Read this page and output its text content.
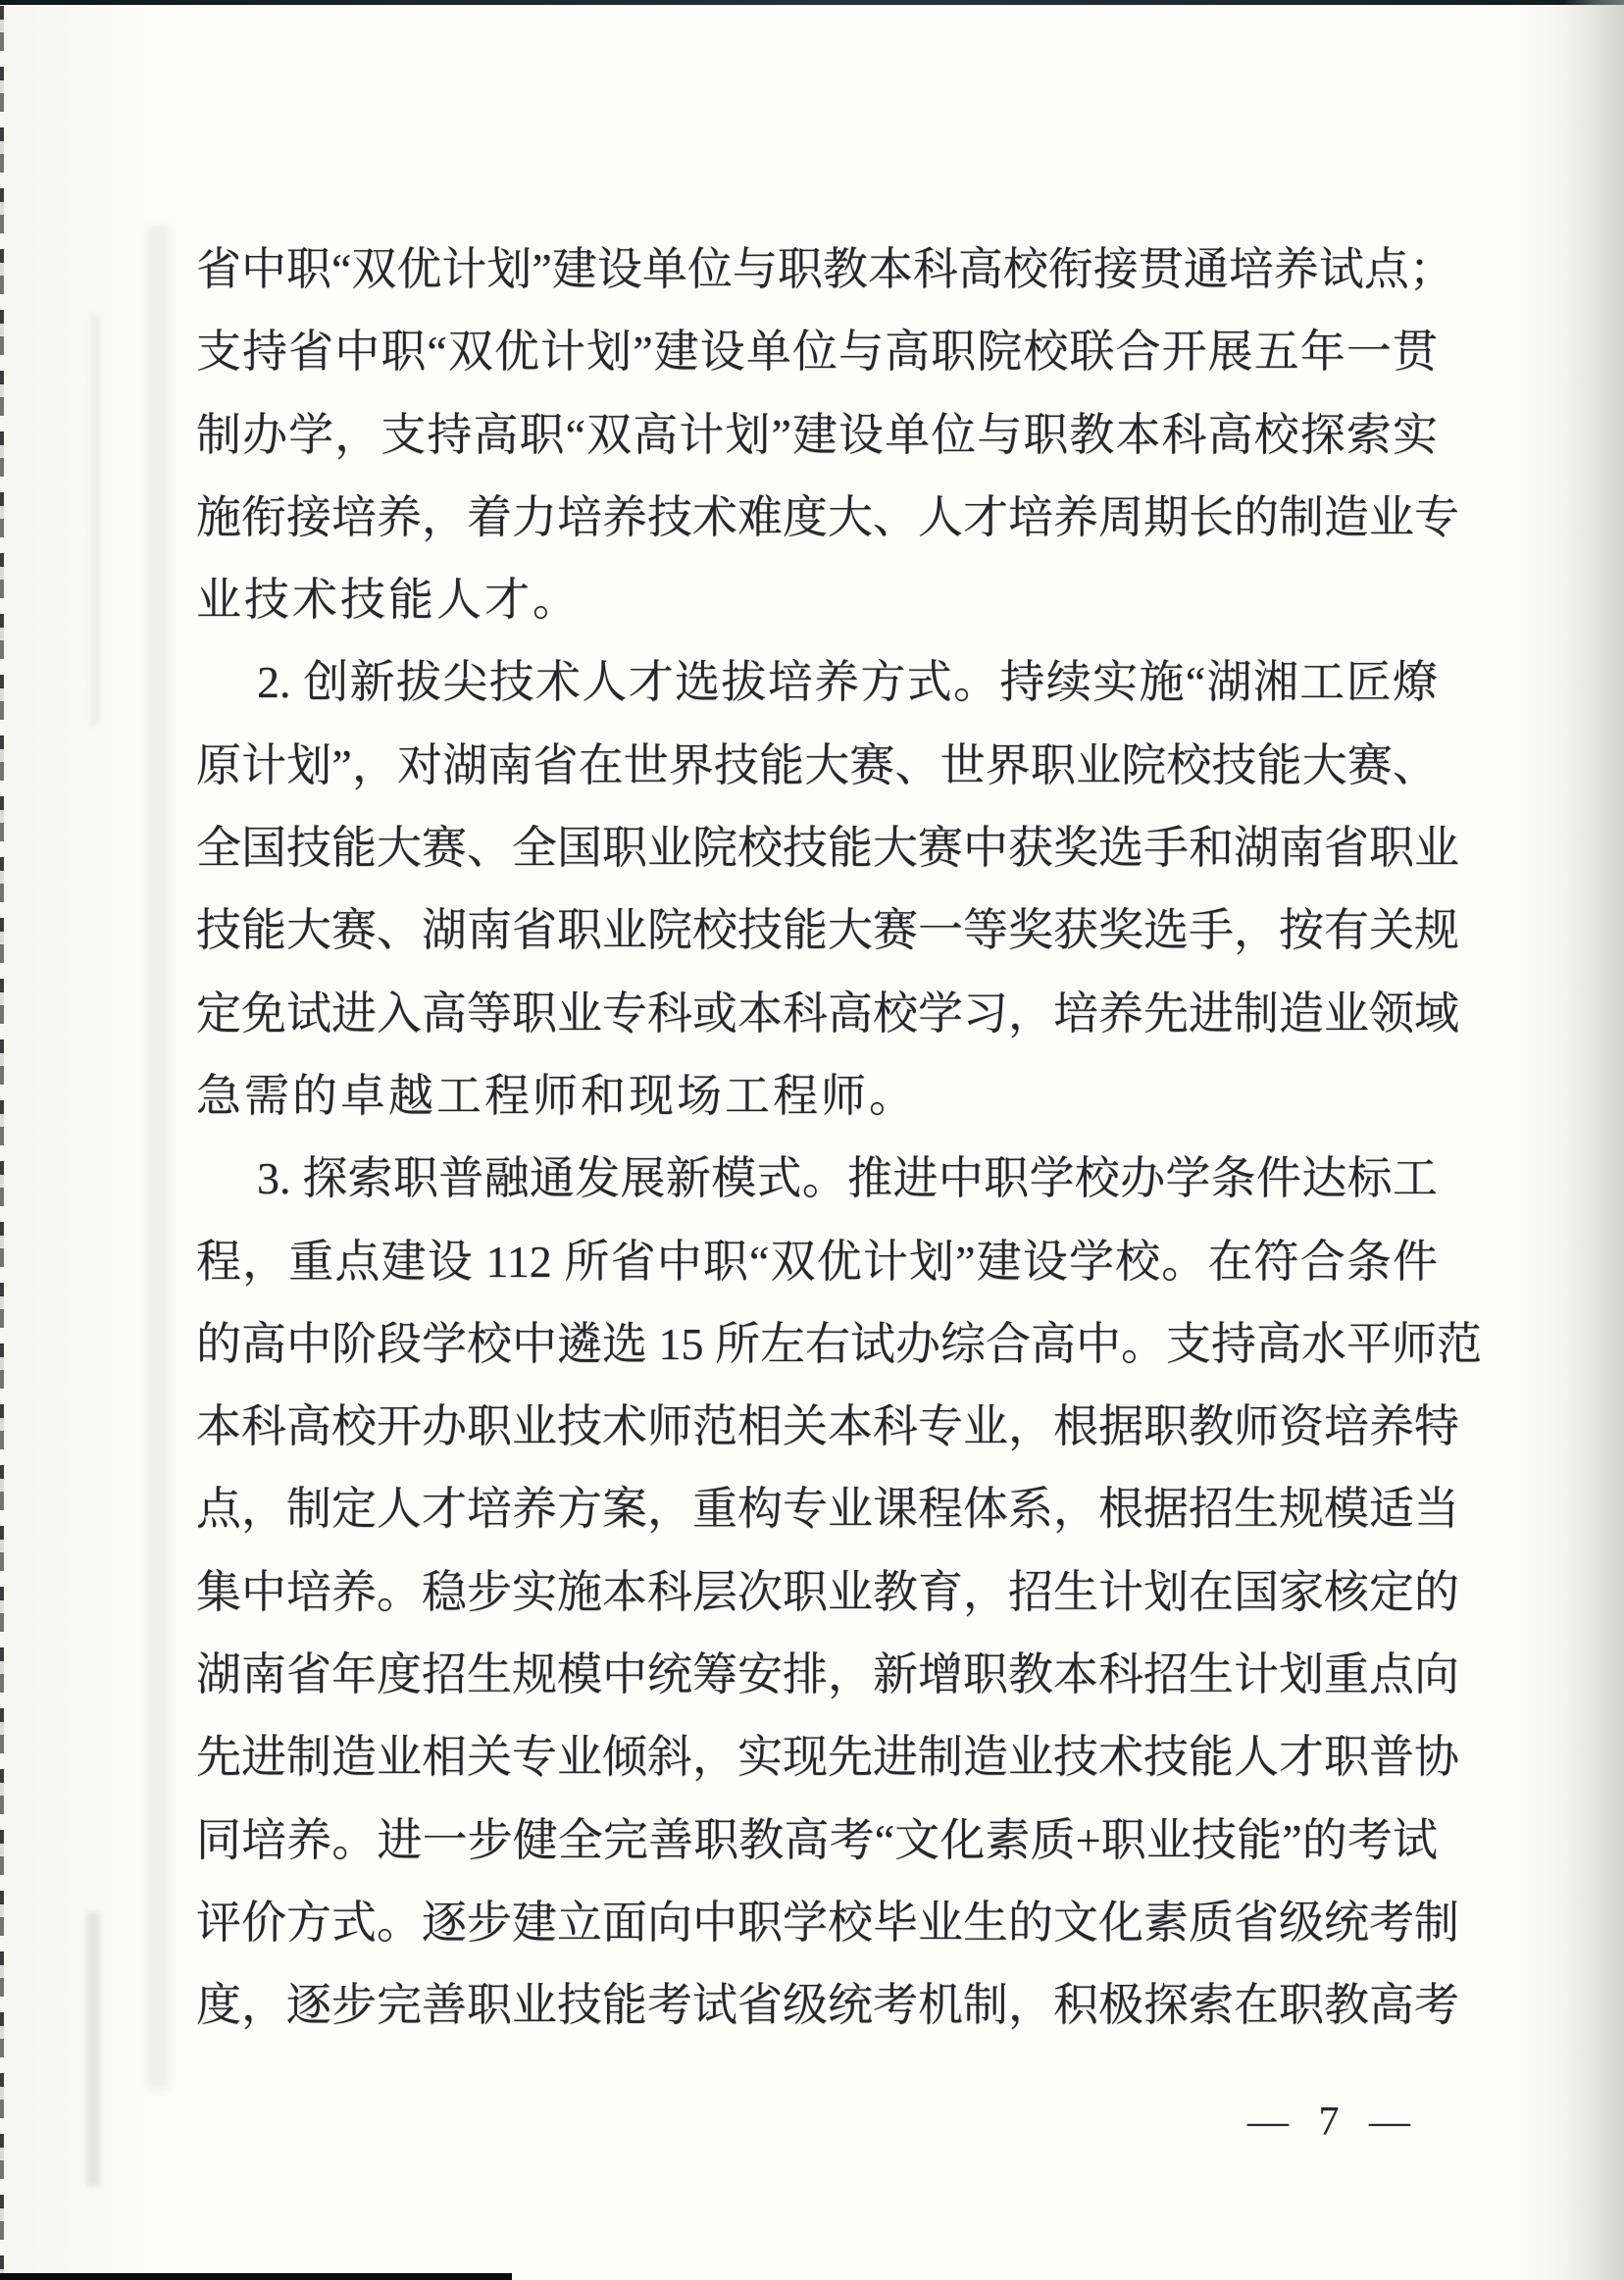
省中职“双优计划”建设单位与职教本科高校衔接贯通培养试点；
支持省中职“双优计划”建设单位与高职院校联合开展五年一贯
制办学，支持高职“双高计划”建设单位与职教本科高校探索实
施衔接培养，着力培养技术难度大、人才培养周期长的制造业专
业技术技能人才。
2. 创新拔尖技术人才选拔培养方式。持续实施“湖湘工匠燎
原计划”，对湖南省在世界技能大赛、世界职业院校技能大赛、
全国技能大赛、全国职业院校技能大赛中获奖选手和湖南省职业
技能大赛、湖南省职业院校技能大赛一等奖获奖选手，按有关规
定免试进入高等职业专科或本科高校学习，培养先进制造业领域
急需的卓越工程师和现场工程师。
3. 探索职普融通发展新模式。推进中职学校办学条件达标工
程，重点建设 112 所省中职“双优计划”建设学校。在符合条件
的高中阶段学校中遴选 15 所左右试办综合高中。支持高水平师范
本科高校开办职业技术师范相关本科专业，根据职教师资培养特
点，制定人才培养方案，重构专业课程体系，根据招生规模适当
集中培养。稳步实施本科层次职业教育，招生计划在国家核定的
湖南省年度招生规模中统筹安排，新增职教本科招生计划重点向
先进制造业相关专业倾斜，实现先进制造业技术技能人才职普协
同培养。进一步健全完善职教高考“文化素质+职业技能”的考试
评价方式。逐步建立面向中职学校毕业生的文化素质省级统考制
度，逐步完善职业技能考试省级统考机制，积极探索在职教高考
— 7 —
